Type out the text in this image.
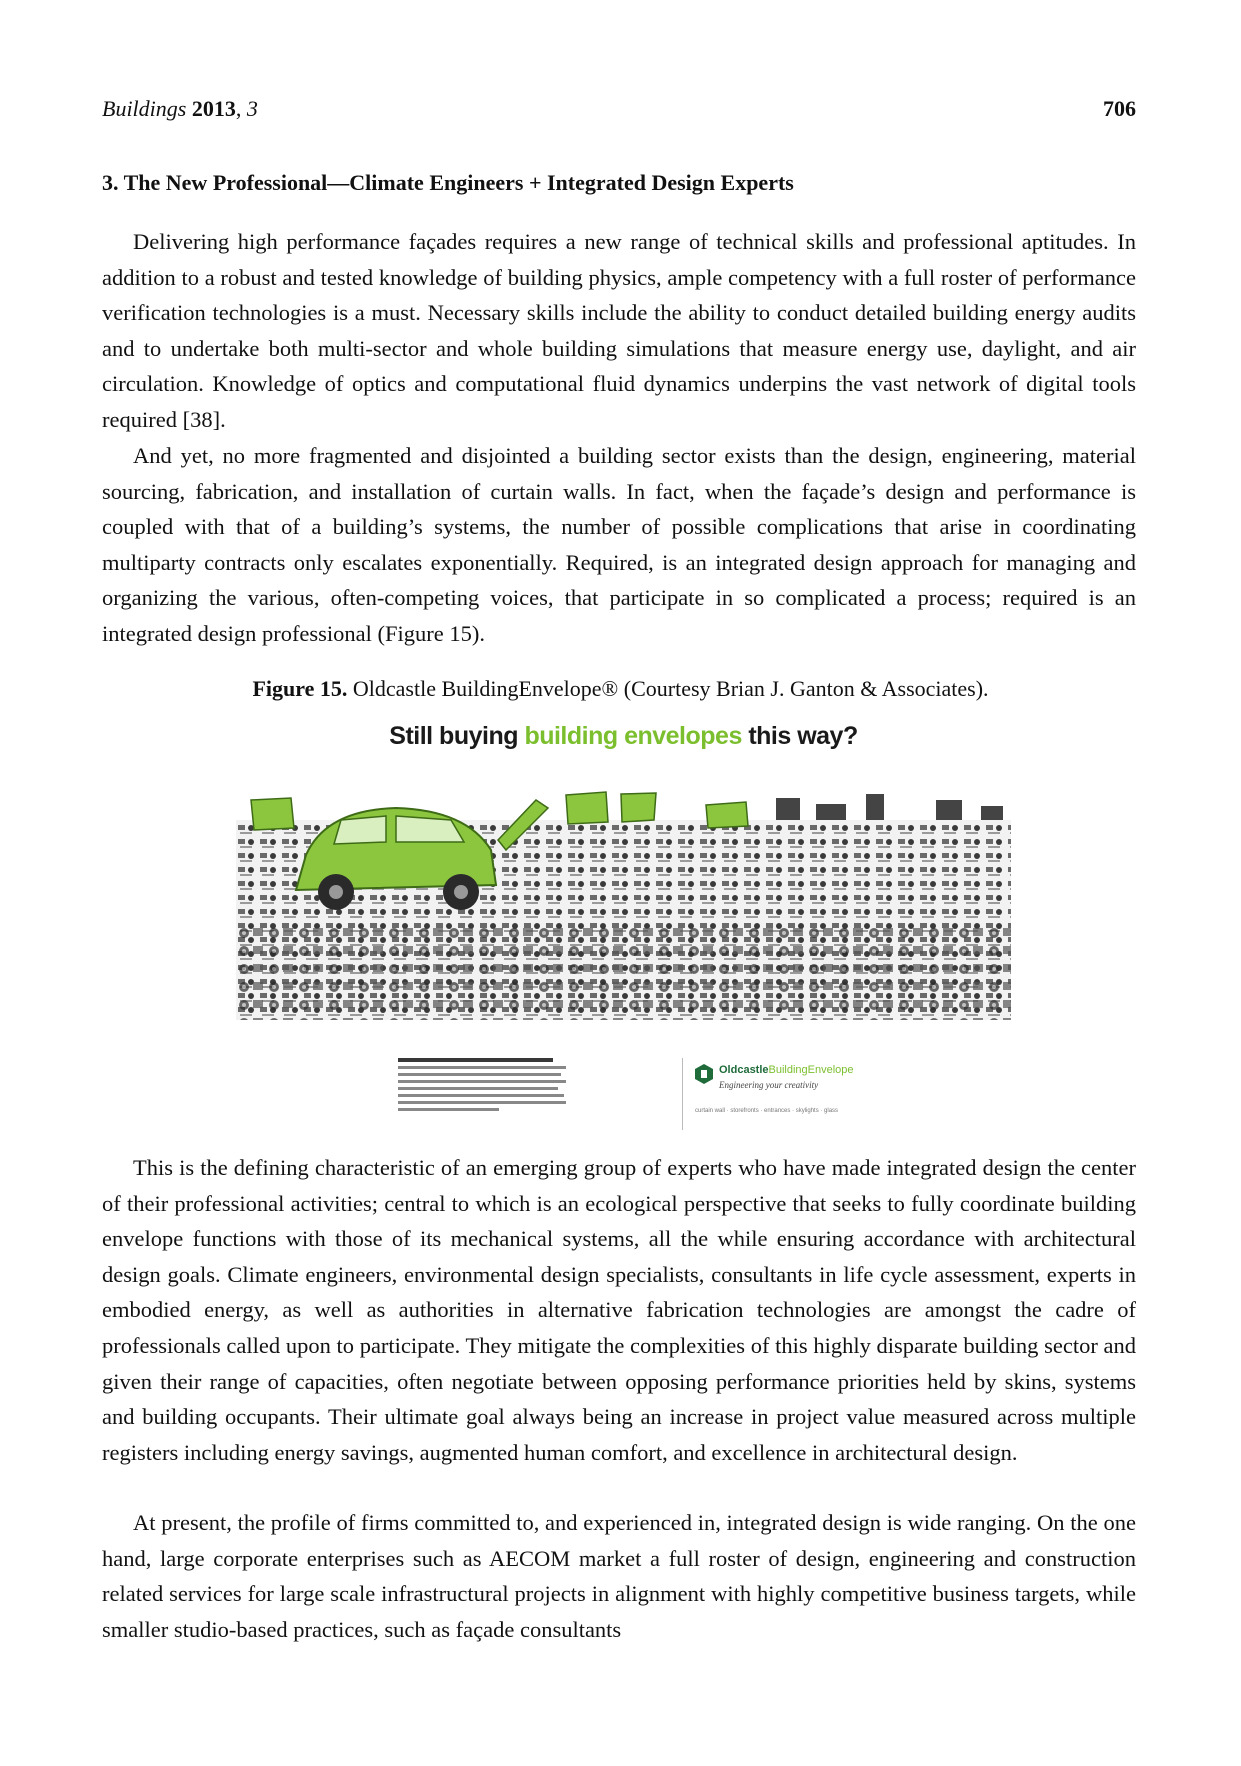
Buildings 2013, 3	706
3. The New Professional—Climate Engineers + Integrated Design Experts

Delivering high performance façades requires a new range of technical skills and professional aptitudes. In addition to a robust and tested knowledge of building physics, ample competency with a full roster of performance verification technologies is a must. Necessary skills include the ability to conduct detailed building energy audits and to undertake both multi-sector and whole building simulations that measure energy use, daylight, and air circulation. Knowledge of optics and computational fluid dynamics underpins the vast network of digital tools required [38].

And yet, no more fragmented and disjointed a building sector exists than the design, engineering, material sourcing, fabrication, and installation of curtain walls. In fact, when the façade’s design and performance is coupled with that of a building’s systems, the number of possible complications that arise in coordinating multiparty contracts only escalates exponentially. Required, is an integrated design approach for managing and organizing the various, often-competing voices, that participate in so complicated a process; required is an integrated design professional (Figure 15).

Figure 15. Oldcastle BuildingEnvelope® (Courtesy Brian J. Ganton & Associates).
Still buying building envelopes this way?
OldcastleBuildingEnvelope
Engineering your creativity
curtain wall · storefronts · entrances · skylights · glass

This is the defining characteristic of an emerging group of experts who have made integrated design the center of their professional activities; central to which is an ecological perspective that seeks to fully coordinate building envelope functions with those of its mechanical systems, all the while ensuring accordance with architectural design goals. Climate engineers, environmental design specialists, consultants in life cycle assessment, experts in embodied energy, as well as authorities in alternative fabrication technologies are amongst the cadre of professionals called upon to participate. They mitigate the complexities of this highly disparate building sector and given their range of capacities, often negotiate between opposing performance priorities held by skins, systems and building occupants. Their ultimate goal always being an increase in project value measured across multiple registers including energy savings, augmented human comfort, and excellence in architectural design.

At present, the profile of firms committed to, and experienced in, integrated design is wide ranging. On the one hand, large corporate enterprises such as AECOM market a full roster of design, engineering and construction related services for large scale infrastructural projects in alignment with highly competitive business targets, while smaller studio-based practices, such as façade consultants
